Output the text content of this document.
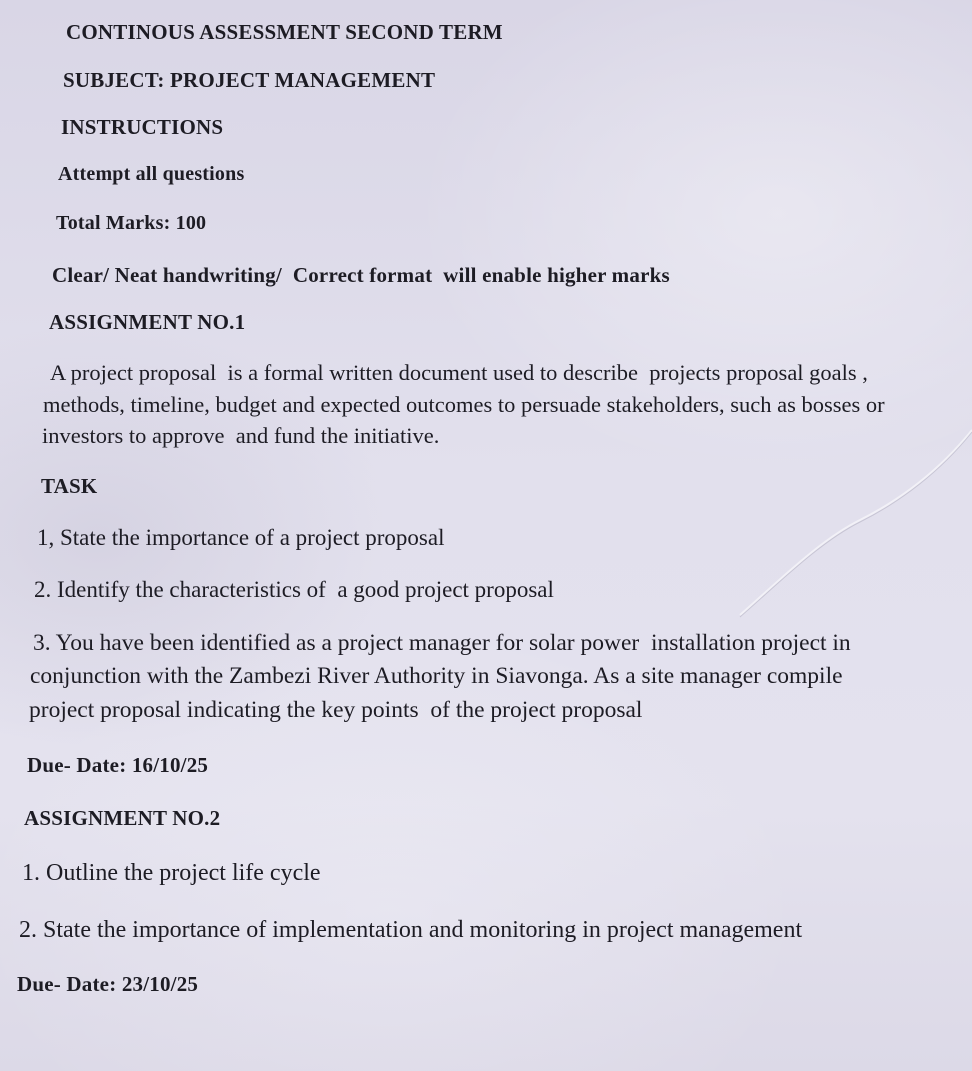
CONTINOUS ASSESSMENT SECOND TERM
SUBJECT: PROJECT MANAGEMENT
INSTRUCTIONS
Attempt all questions
Total Marks: 100
Clear/ Neat handwriting/  Correct format  will enable higher marks
ASSIGNMENT NO.1
A project proposal  is a formal written document used to describe  projects proposal goals ,
methods, timeline, budget and expected outcomes to persuade stakeholders, such as bosses or
investors to approve  and fund the initiative.
TASK
1, State the importance of a project proposal
2. Identify the characteristics of  a good project proposal
3. You have been identified as a project manager for solar power  installation project in
conjunction with the Zambezi River Authority in Siavonga. As a site manager compile
project proposal indicating the key points  of the project proposal
Due- Date: 16/10/25
ASSIGNMENT NO.2
1. Outline the project life cycle
2. State the importance of implementation and monitoring in project management
Due- Date: 23/10/25
